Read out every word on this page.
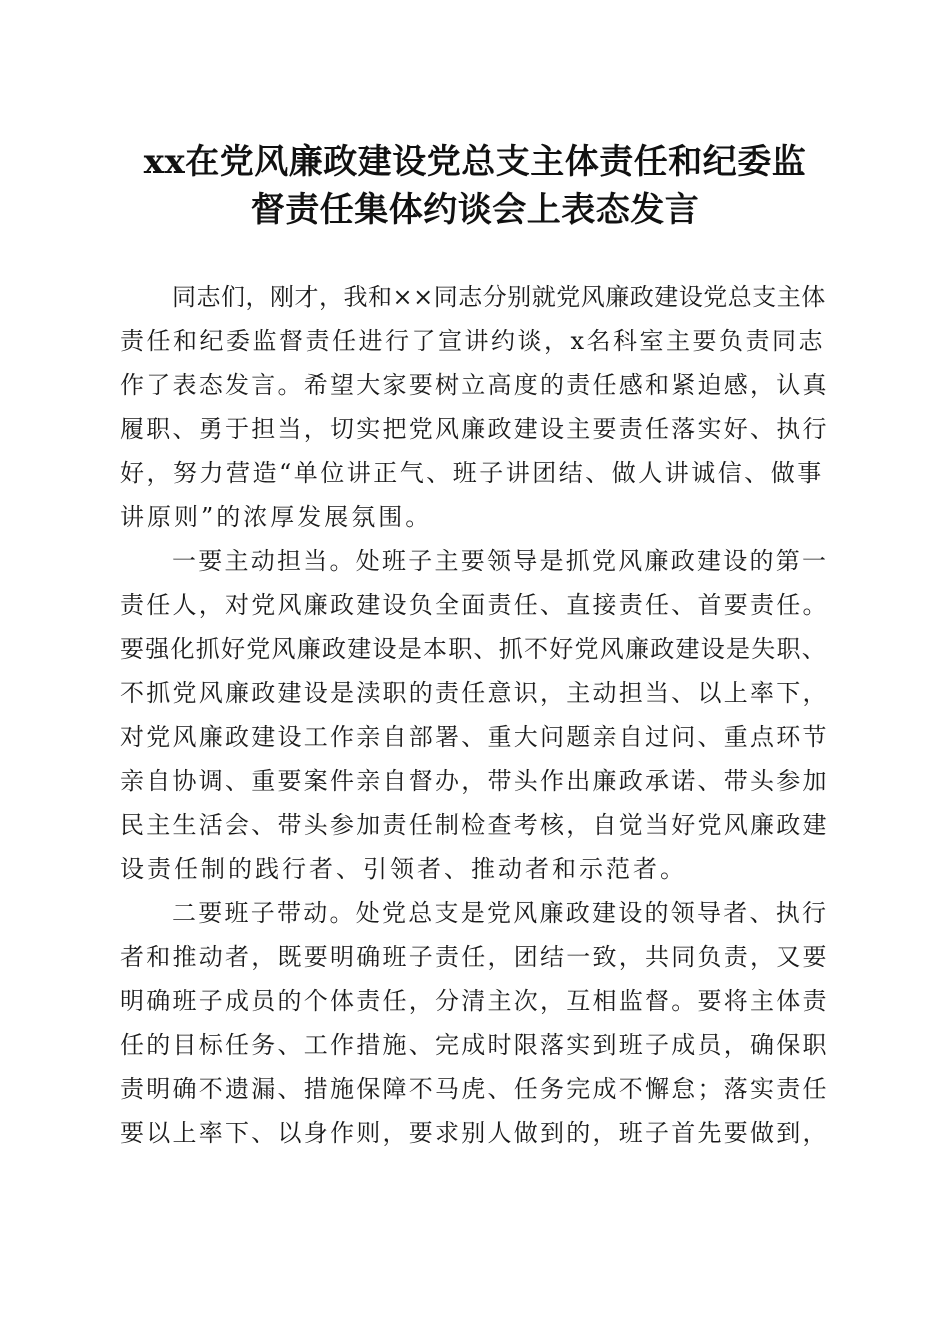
xx在党风廉政建设党总支主体责任和纪委监
督责任集体约谈会上表态发言
同志们，刚才，我和××同志分别就党风廉政建设党总支主体
责任和纪委监督责任进行了宣讲约谈，x名科室主要负责同志
作了表态发言。希望大家要树立高度的责任感和紧迫感，认真
履职、勇于担当，切实把党风廉政建设主要责任落实好、执行
好，努力营造“单位讲正气、班子讲团结、做人讲诚信、做事
讲原则”的浓厚发展氛围。
一要主动担当。处班子主要领导是抓党风廉政建设的第一
责任人，对党风廉政建设负全面责任、直接责任、首要责任。
要强化抓好党风廉政建设是本职、抓不好党风廉政建设是失职、
不抓党风廉政建设是渎职的责任意识，主动担当、以上率下，
对党风廉政建设工作亲自部署、重大问题亲自过问、重点环节
亲自协调、重要案件亲自督办，带头作出廉政承诺、带头参加
民主生活会、带头参加责任制检查考核，自觉当好党风廉政建
设责任制的践行者、引领者、推动者和示范者。
二要班子带动。处党总支是党风廉政建设的领导者、执行
者和推动者，既要明确班子责任，团结一致，共同负责，又要
明确班子成员的个体责任，分清主次，互相监督。要将主体责
任的目标任务、工作措施、完成时限落实到班子成员，确保职
责明确不遗漏、措施保障不马虎、任务完成不懈怠；落实责任
要以上率下、以身作则，要求别人做到的，班子首先要做到，
